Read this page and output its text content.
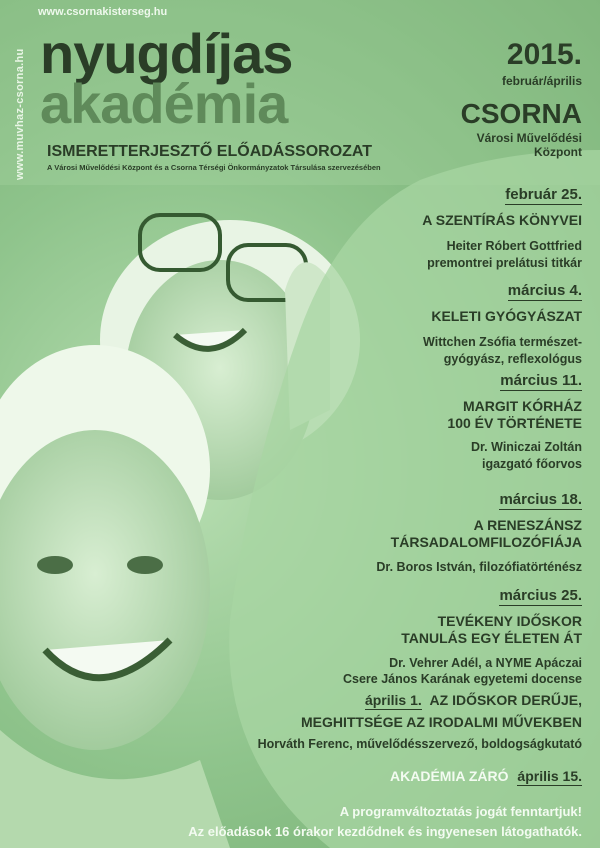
www.muvhaz-csorna.hu
www.csornakisterseg.hu
nyugdíjas
akadémia
ISMERETTERJESZTŐ ELŐADÁSSOROZAT
A Városi Művelődési Központ és a Csorna Térségi Önkormányzatok Társulása szervezésében
2015.
február/április
CSORNA
Városi Művelődési
Központ
február 25.
A SZENTÍRÁS KÖNYVEI
Heiter Róbert Gottfried
premontrei prelátusi titkár
március 4.
KELETI GYÓGYÁSZAT
Wittchen Zsófia természet-
gyógyász, reflexológus
március 11.
MARGIT KÓRHÁZ
100 ÉV TÖRTÉNETE
Dr. Winiczai Zoltán
igazgató főorvos
március 18.
A RENESZÁNSZ
TÁRSADALOMFILOZÓFIÁJA
Dr. Boros István, filozófiatörténész
március 25.
TEVÉKENY IDŐSKOR
TANULÁS EGY ÉLETEN ÁT
Dr. Vehrer Adél, a NYME Apáczai
Csere János Karának egyetemi docense
április 1. AZ IDŐSKOR DERŰJE,
MEGHITTSÉGE AZ IRODALMI MŰVEKBEN
Horváth Ferenc, művelődésszervező, boldogságkutató
AKADÉMIA ZÁRÓ április 15.
A programváltoztatás jogát fenntartjuk!
Az előadások 16 órakor kezdődnek és ingyenesen látogathatók.
